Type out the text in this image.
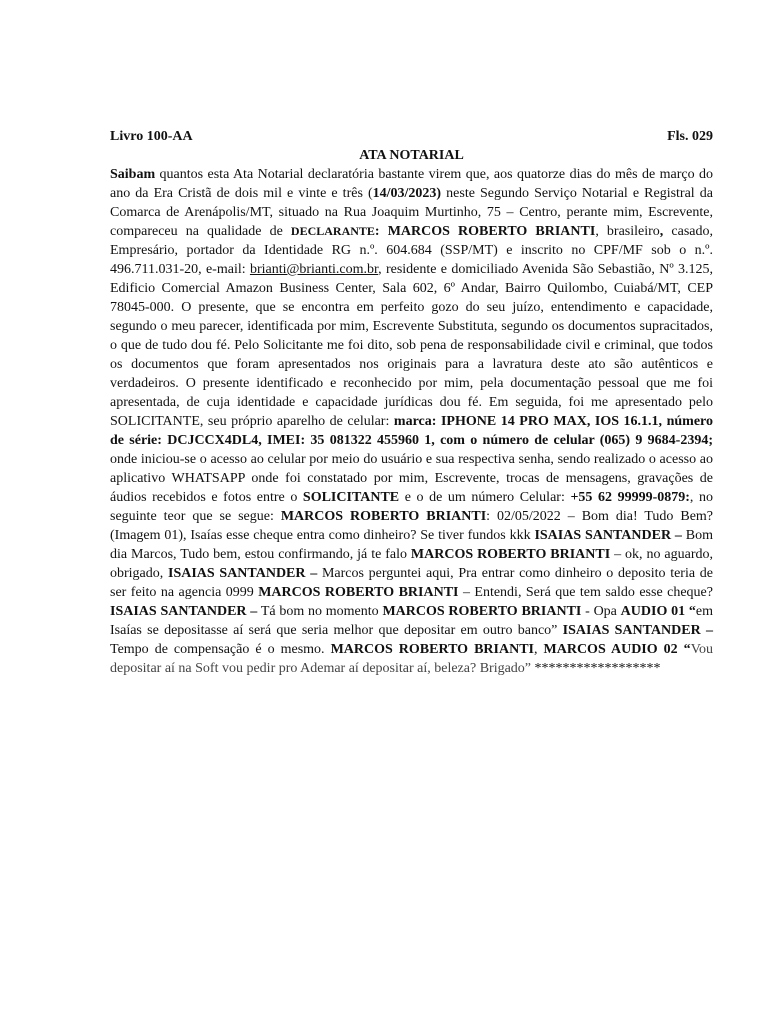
Livro 100-AA	Fls. 029
ATA NOTARIAL

Saibam quantos esta Ata Notarial declaratória bastante virem que, aos quatorze dias do mês de março do ano da Era Cristã de dois mil e vinte e três (14/03/2023) neste Segundo Serviço Notarial e Registral da Comarca de Arenápolis/MT, situado na Rua Joaquim Murtinho, 75 – Centro, perante mim, Escrevente, compareceu na qualidade de DECLARANTE: MARCOS ROBERTO BRIANTI, brasileiro, casado, Empresário, portador da Identidade RG n.º. 604.684 (SSP/MT) e inscrito no CPF/MF sob o n.º. 496.711.031-20, e-mail: brianti@brianti.com.br, residente e domiciliado Avenida São Sebastião, Nº 3.125, Edificio Comercial Amazon Business Center, Sala 602, 6º Andar, Bairro Quilombo, Cuiabá/MT, CEP 78045-000. O presente, que se encontra em perfeito gozo do seu juízo, entendimento e capacidade, segundo o meu parecer, identificada por mim, Escrevente Substituta, segundo os documentos supracitados, o que de tudo dou fé. Pelo Solicitante me foi dito, sob pena de responsabilidade civil e criminal, que todos os documentos que foram apresentados nos originais para a lavratura deste ato são autênticos e verdadeiros. O presente identificado e reconhecido por mim, pela documentação pessoal que me foi apresentada, de cuja identidade e capacidade jurídicas dou fé. Em seguida, foi me apresentado pelo SOLICITANTE, seu próprio aparelho de celular: marca: IPHONE 14 PRO MAX, IOS 16.1.1, número de série: DCJCCX4DL4, IMEI: 35 081322 455960 1, com o número de celular (065) 9 9684-2394; onde iniciou-se o acesso ao celular por meio do usuário e sua respectiva senha, sendo realizado o acesso ao aplicativo WHATSAPP onde foi constatado por mim, Escrevente, trocas de mensagens, gravações de áudios recebidos e fotos entre o SOLICITANTE e o de um número Celular: +55 62 99999-0879:, no seguinte teor que se segue: MARCOS ROBERTO BRIANTI: 02/05/2022 – Bom dia! Tudo Bem? (Imagem 01), Isaías esse cheque entra como dinheiro? Se tiver fundos kkk ISAIAS SANTANDER – Bom dia Marcos, Tudo bem, estou confirmando, já te falo MARCOS ROBERTO BRIANTI – ok, no aguardo, obrigado, ISAIAS SANTANDER – Marcos perguntei aqui, Pra entrar como dinheiro o deposito teria de ser feito na agencia 0999 MARCOS ROBERTO BRIANTI – Entendi, Será que tem saldo esse cheque? ISAIAS SANTANDER – Tá bom no momento MARCOS ROBERTO BRIANTI - Opa AUDIO 01 “em Isaías se depositasse aí será que seria melhor que depositar em outro banco” ISAIAS SANTANDER – Tempo de compensação é o mesmo. MARCOS ROBERTO BRIANTI, MARCOS AUDIO 02 “Vou depositar aí na Soft vou pedir pro Ademar aí depositar aí, beleza? Brigado” ******************
